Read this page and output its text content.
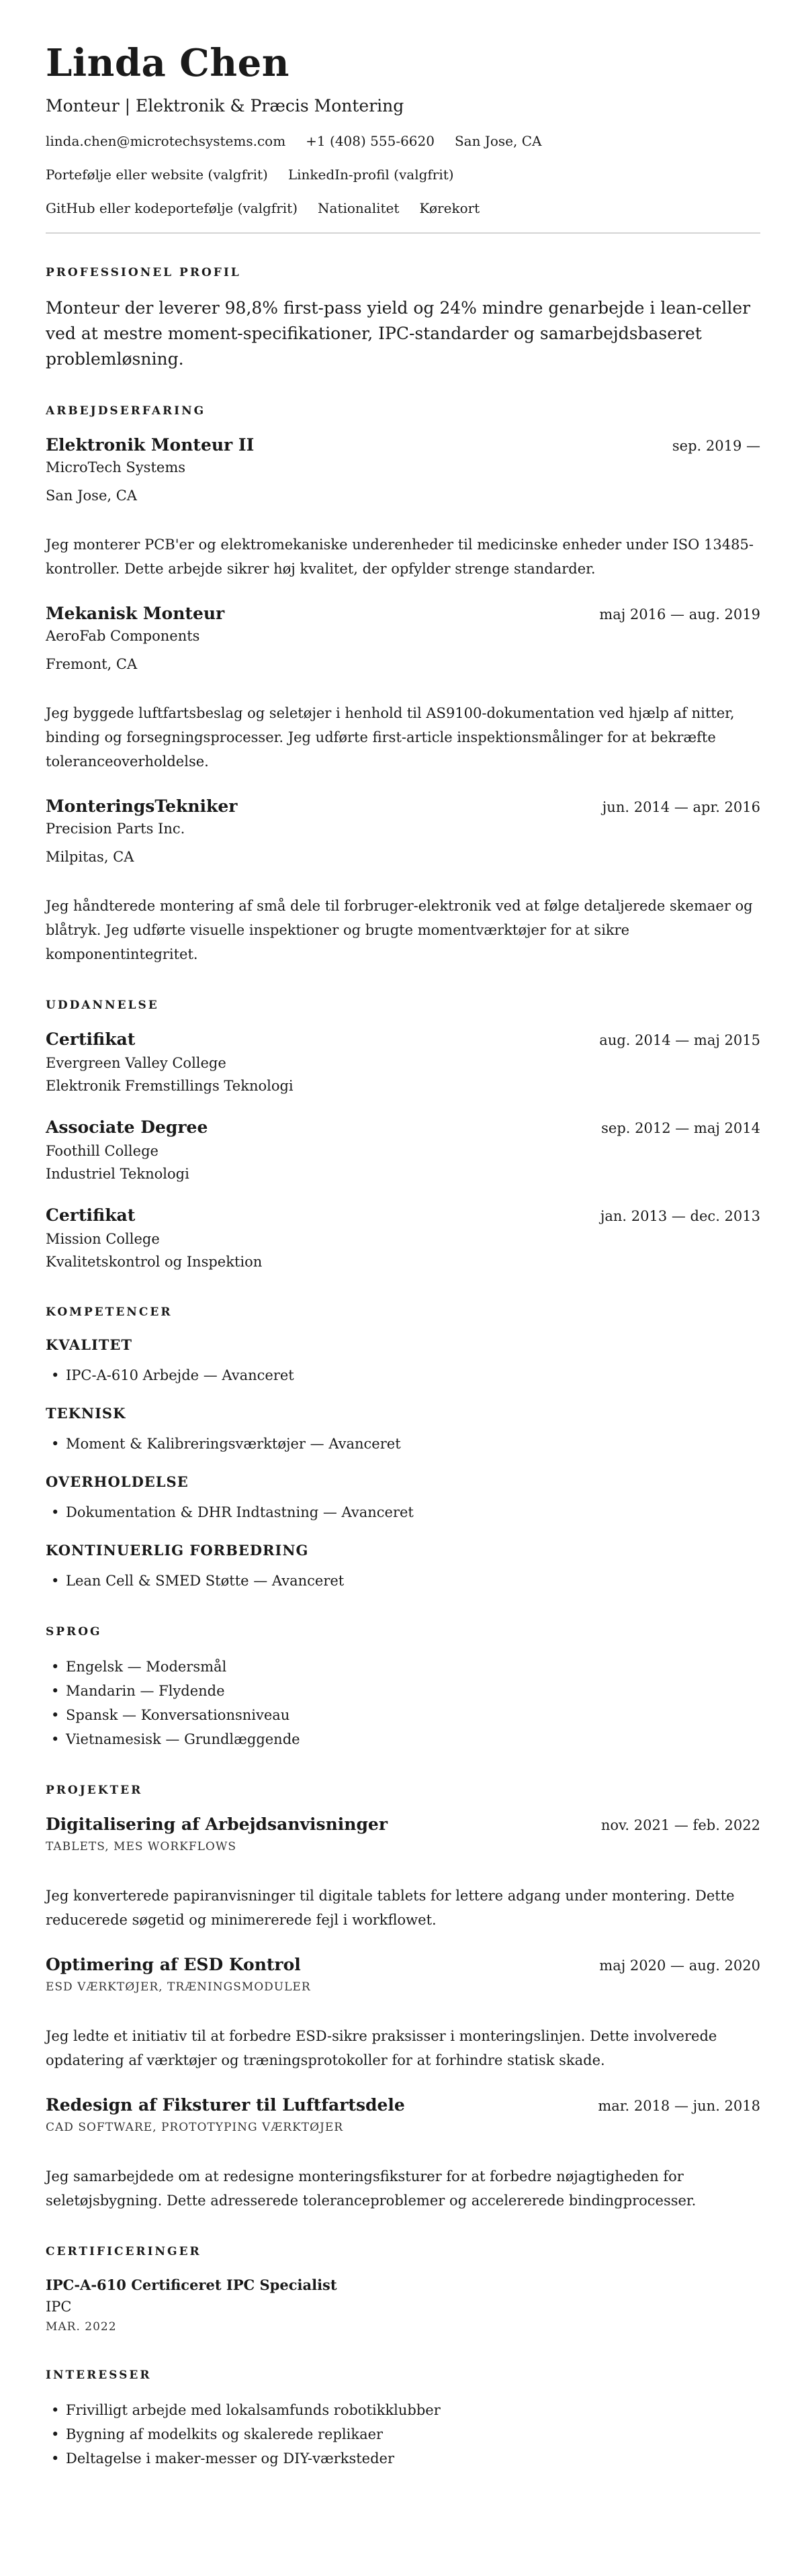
Linda Chen
Monteur | Elektronik & Præcis Montering
linda.chen@microtechsystems.com +1 (408) 555-6620 San Jose, CA
Portefølje eller website (valgfrit) LinkedIn-profil (valgfrit)
GitHub eller kodeportefølje (valgfrit) Nationalitet Kørekort
PROFESSIONEL PROFIL

Monteur der leverer 98,8% first-pass yield og 24% mindre genarbejde i lean-celler ved at mestre moment-specifikationer, IPC-standarder og samarbejdsbaseret problemløsning.

ARBEJDSERFARING
Elektronik Monteur II	sep. 2019 —
MicroTech Systems
San Jose, CA

Jeg monterer PCB'er og elektromekaniske underenheder til medicinske enheder under ISO 13485-kontroller. Dette arbejde sikrer høj kvalitet, der opfylder strenge standarder.

Mekanisk Monteur	maj 2016 — aug. 2019
AeroFab Components
Fremont, CA

Jeg byggede luftfartsbeslag og seletøjer i henhold til AS9100-dokumentation ved hjælp af nitter, binding og forsegningsprocesser. Jeg udførte first-article inspektionsmålinger for at bekræfte toleranceoverholdelse.

MonteringsTekniker	jun. 2014 — apr. 2016
Precision Parts Inc.
Milpitas, CA

Jeg håndterede montering af små dele til forbruger-elektronik ved at følge detaljerede skemaer og blåtryk. Jeg udførte visuelle inspektioner og brugte momentværktøjer for at sikre komponentintegritet.

UDDANNELSE
Certifikat	aug. 2014 — maj 2015
Evergreen Valley College
Elektronik Fremstillings Teknologi
Associate Degree	sep. 2012 — maj 2014
Foothill College
Industriel Teknologi
Certifikat	jan. 2013 — dec. 2013
Mission College
Kvalitetskontrol og Inspektion
KOMPETENCER
KVALITET
• IPC-A-610 Arbejde — Avanceret
TEKNISK
• Moment & Kalibreringsværktøjer — Avanceret
OVERHOLDELSE
• Dokumentation & DHR Indtastning — Avanceret
KONTINUERLIG FORBEDRING
• Lean Cell & SMED Støtte — Avanceret
SPROG
• Engelsk — Modersmål
• Mandarin — Flydende
• Spansk — Konversationsniveau
• Vietnamesisk — Grundlæggende
PROJEKTER
Digitalisering af Arbejdsanvisninger	nov. 2021 — feb. 2022
TABLETS, MES WORKFLOWS

Jeg konverterede papiranvisninger til digitale tablets for lettere adgang under montering. Dette reducerede søgetid og minimererede fejl i workflowet.

Optimering af ESD Kontrol	maj 2020 — aug. 2020
ESD VÆRKTØJER, TRÆNINGSMODULER

Jeg ledte et initiativ til at forbedre ESD-sikre praksisser i monteringslinjen. Dette involverede opdatering af værktøjer og træningsprotokoller for at forhindre statisk skade.

Redesign af Fiksturer til Luftfartsdele	mar. 2018 — jun. 2018
CAD SOFTWARE, PROTOTYPING VÆRKTØJER

Jeg samarbejdede om at redesigne monteringsfiksturer for at forbedre nøjagtigheden for seletøjsbygning. Dette adresserede toleranceproblemer og accelererede bindingprocesser.

CERTIFICERINGER
IPC-A-610 Certificeret IPC Specialist
IPC
MAR. 2022
INTERESSER
• Frivilligt arbejde med lokalsamfunds robotikklubber
• Bygning af modelkits og skalerede replikaer
• Deltagelse i maker-messer og DIY-værksteder
